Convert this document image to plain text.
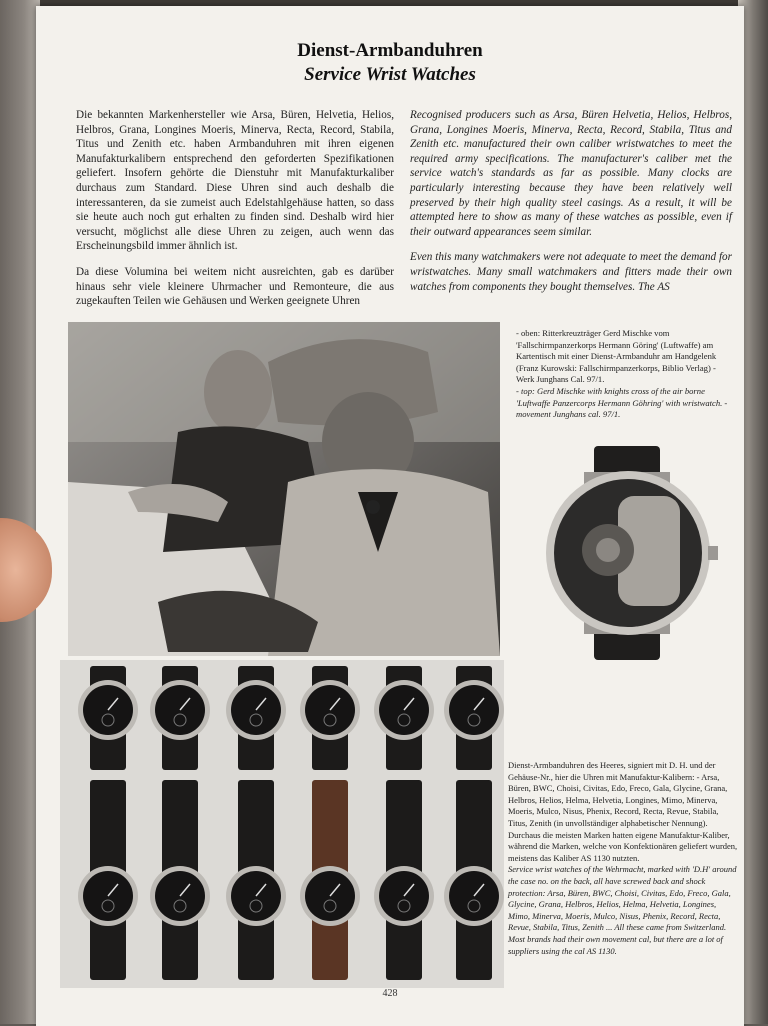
Dienst-Armbanduhren
Service Wrist Watches

Die bekannten Markenhersteller wie Arsa, Büren, Helvetia, Helios, Helbros, Grana, Longines Moeris, Minerva, Recta, Record, Stabila, Titus und Zenith etc. haben Armbanduhren mit ihren eigenen Manufakturkalibern entsprechend den geforderten Spezifikationen geliefert. Insofern gehörte die Dienstuhr mit Manufakturkaliber durchaus zum Standard. Diese Uhren sind auch deshalb die interessanteren, da sie zumeist auch Edelstahlgehäuse hatten, so dass sie heute auch noch gut erhalten zu finden sind. Deshalb wird hier versucht, möglichst alle diese Uhren zu zeigen, auch wenn das Erscheinungsbild immer ähnlich ist.

Da diese Volumina bei weitem nicht ausreichten, gab es darüber hinaus sehr viele kleinere Uhrmacher und Remonteure, die aus zugekauften Teilen wie Gehäusen und Werken geeignete Uhren

Recognised producers such as Arsa, Büren Helvetia, Helios, Helbros, Grana, Longines Moeris, Minerva, Recta, Record, Stabila, Titus and Zenith etc. manufactured their own caliber wristwatches to meet the required army specifications. The manufacturer's caliber met the service watch's standards as far as possible. Many clocks are particularly interesting because they have been relatively well preserved by their high quality steel casings. As a result, it will be attempted here to show as many of these watches as possible, even if their outward appearances seem similar.

Even this many watchmakers were not adequate to meet the demand for wristwatches. Many small watchmakers and fitters made their own watches from components they bought themselves. The AS

- oben: Ritterkreuzträger Gerd Mischke vom 'Fallschirmpanzerkorps Hermann Göring' (Luftwaffe) am Kartentisch mit einer Dienst-Armbanduhr am Handgelenk (Franz Kurowski: Fallschirmpanzerkorps, Biblio Verlag) - Werk Junghans Cal. 97/1.
- top: Gerd Mischke with knights cross of the air borne 'Luftwaffe Panzercorps Hermann Göhring' with wristwatch. - movement Junghans cal. 97/1.
Dienst-Armbanduhren des Heeres, signiert mit D. H. und der Gehäuse-Nr., hier die Uhren mit Manufaktur-Kalibern: - Arsa, Büren, BWC, Choisi, Civitas, Edo, Freco, Gala, Glycine, Grana, Helbros, Helios, Helma, Helvetia, Longines, Mimo, Minerva, Moeris, Mulco, Nisus, Phenix, Record, Recta, Revue, Stabila, Titus, Zenith (in unvollständiger alphabetischer Nennung). Durchaus die meisten Marken hatten eigene Manufaktur-Kaliber, während die Marken, welche von Konfektionären geliefert wurden, meistens das Kaliber AS 1130 nutzten.
Service wrist watches of the Wehrmacht, marked with 'D.H' around the case no. on the back, all have screwed back and shock protection: Arsa, Büren, BWC, Choisi, Civitas, Edo, Freco, Gala, Glycine, Grana, Helbros, Helios, Helma, Helvetia, Longines, Mimo, Minerva, Moeris, Mulco, Nisus, Phenix, Record, Recta, Revue, Stabila, Titus, Zenith ... All these came from Switzerland. Most brands had their own movement cal, but there are a lot of suppliers using the cal AS 1130.
428
